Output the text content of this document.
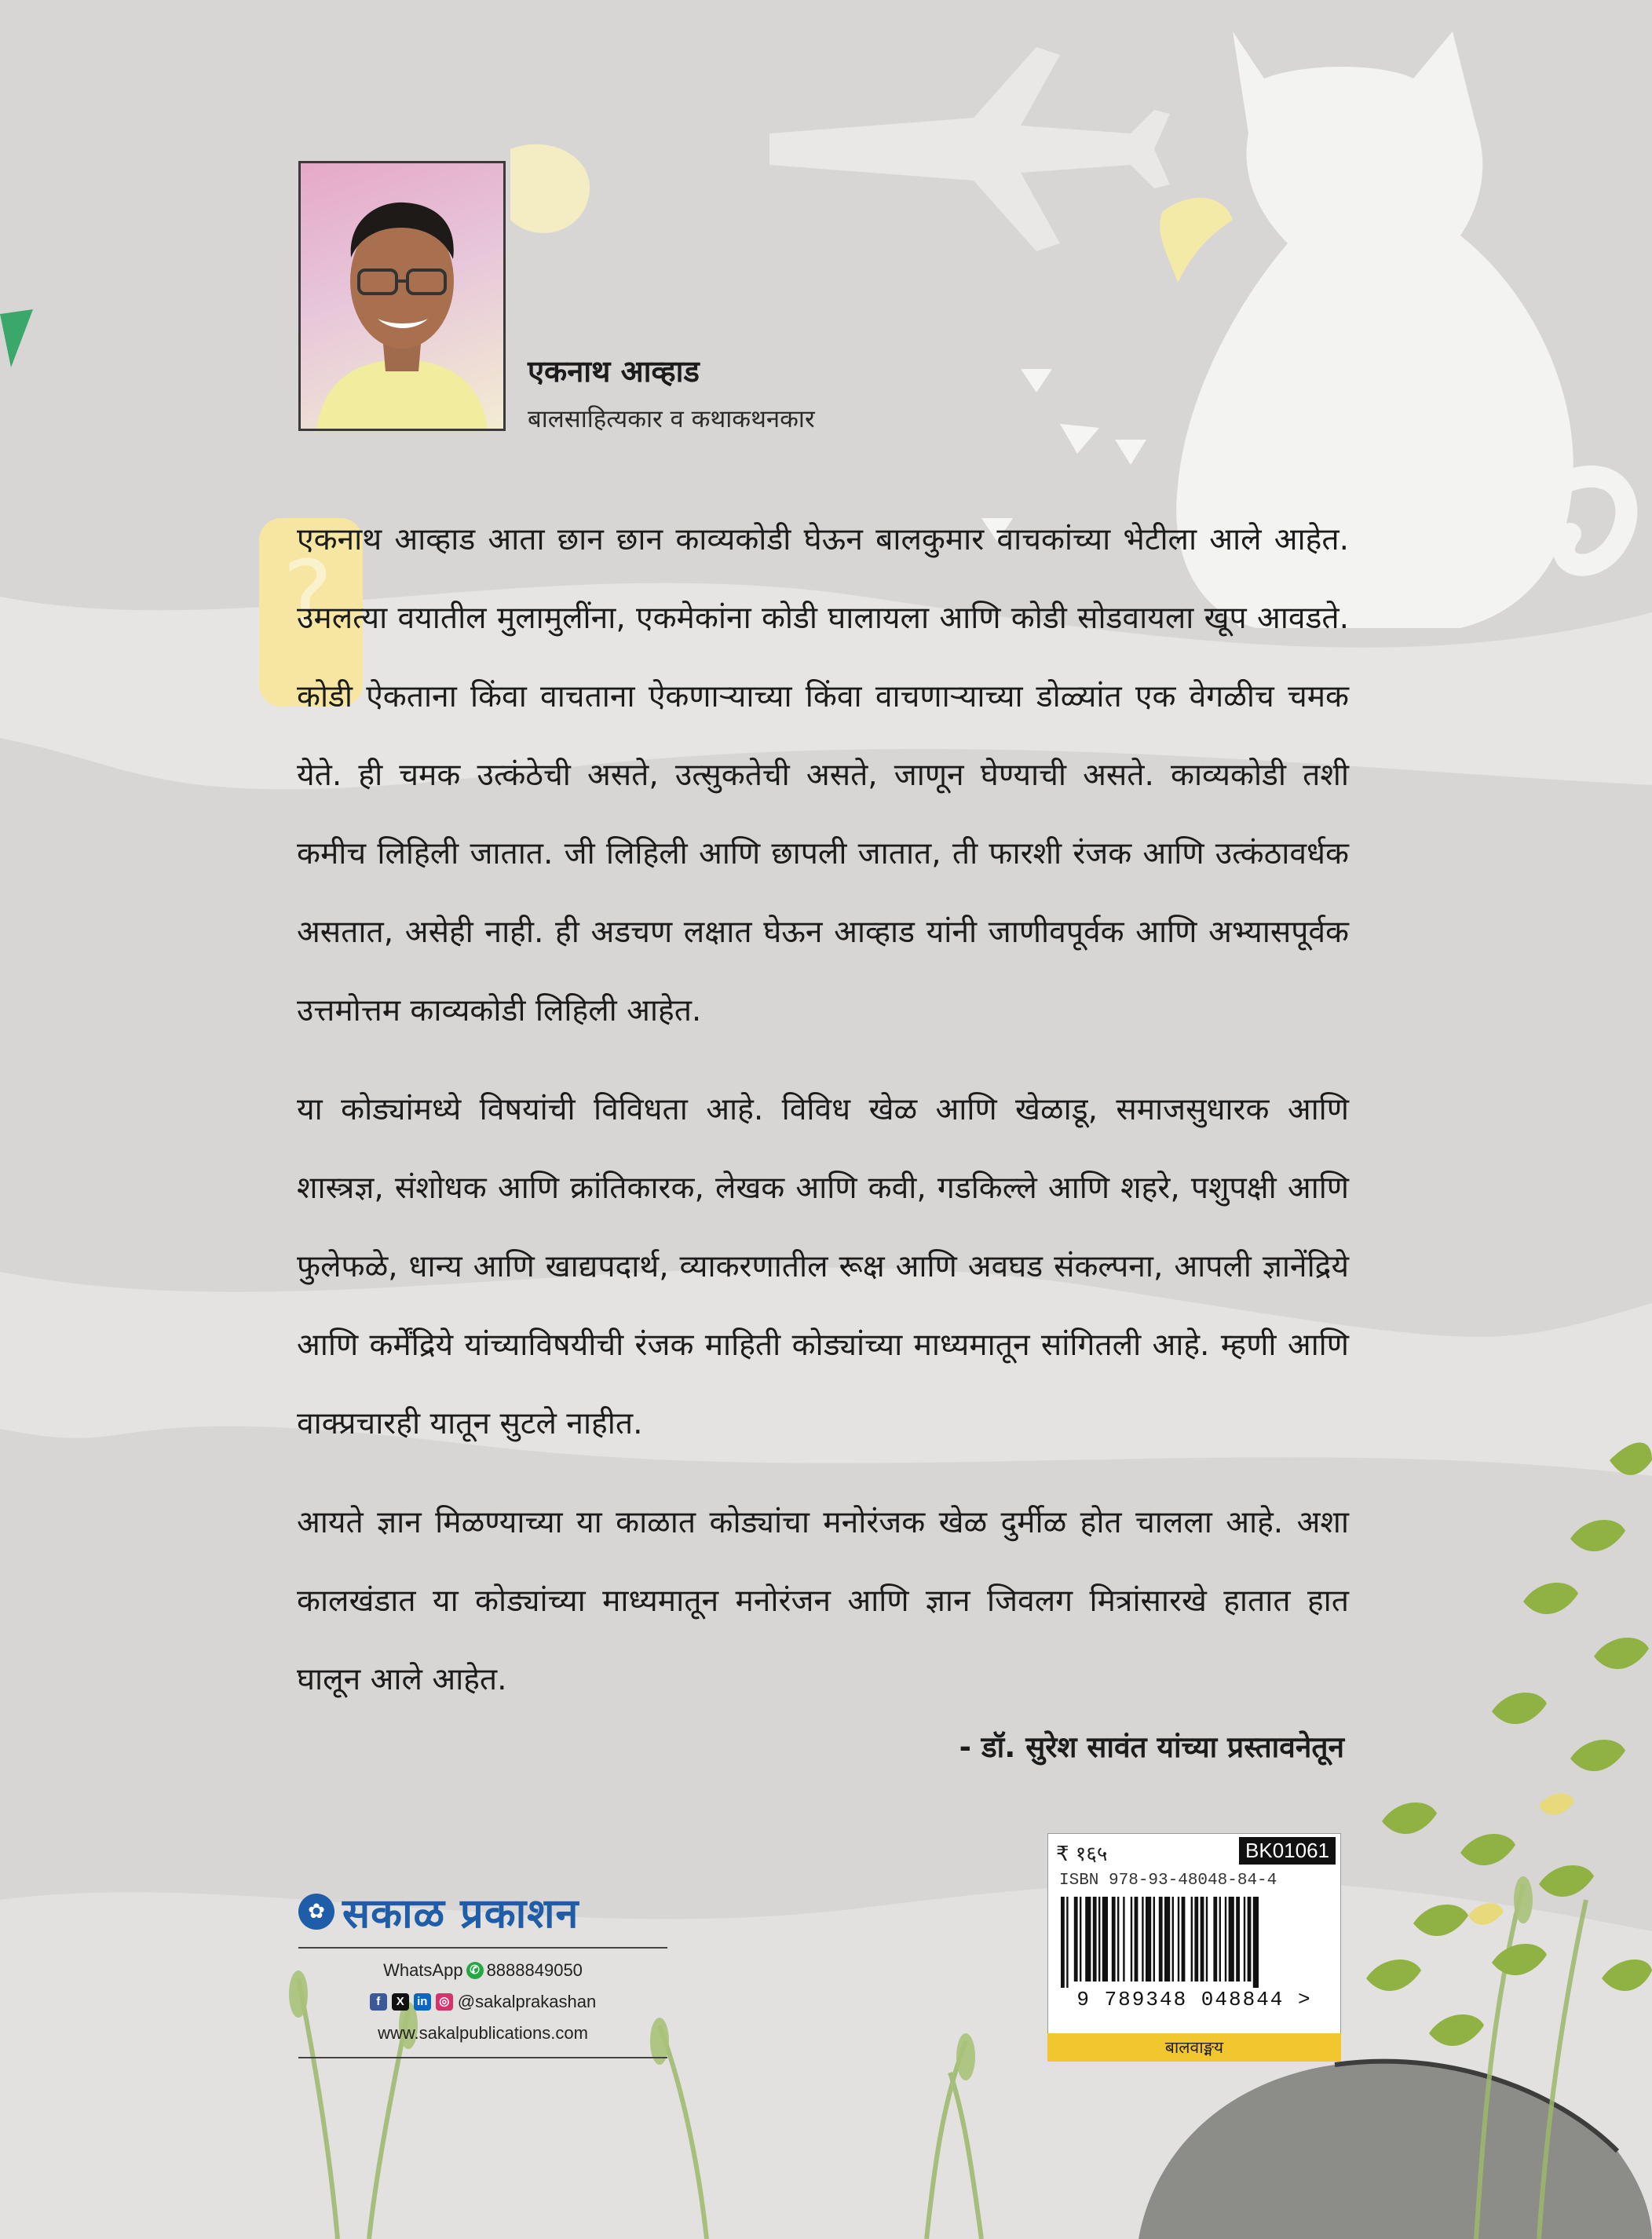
?
एकनाथ आव्हाड
बालसाहित्यकार व कथाकथनकार

एकनाथ आव्हाड आता छान छान काव्यकोडी घेऊन बालकुमार वाचकांच्या भेटीला आले आहेत. उमलत्या वयातील मुलामुलींना, एकमेकांना कोडी घालायला आणि कोडी सोडवायला खूप आवडते. कोडी ऐकताना किंवा वाचताना ऐकणाऱ्याच्या किंवा वाचणाऱ्याच्या डोळ्यांत एक वेगळीच चमक येते. ही चमक उत्कंठेची असते, उत्सुकतेची असते, जाणून घेण्याची असते. काव्यकोडी तशी कमीच लिहिली जातात. जी लिहिली आणि छापली जातात, ती फारशी रंजक आणि उत्कंठावर्धक असतात, असेही नाही. ही अडचण लक्षात घेऊन आव्हाड यांनी जाणीवपूर्वक आणि अभ्यासपूर्वक उत्तमोत्तम काव्यकोडी लिहिली आहेत.

या कोड्यांमध्ये विषयांची विविधता आहे. विविध खेळ आणि खेळाडू, समाजसुधारक आणि शास्त्रज्ञ, संशोधक आणि क्रांतिकारक, लेखक आणि कवी, गडकिल्ले आणि शहरे, पशुपक्षी आणि फुलेफळे, धान्य आणि खाद्यपदार्थ, व्याकरणातील रूक्ष आणि अवघड संकल्पना, आपली ज्ञानेंद्रिये आणि कर्मेंद्रिये यांच्याविषयीची रंजक माहिती कोड्यांच्या माध्यमातून सांगितली आहे. म्हणी आणि वाक्प्रचारही यातून सुटले नाहीत.

आयते ज्ञान मिळण्याच्या या काळात कोड्यांचा मनोरंजक खेळ दुर्मीळ होत चालला आहे. अशा कालखंडात या कोड्यांच्या माध्यमातून मनोरंजन आणि ज्ञान जिवलग मित्रांसारखे हातात हात घालून आले आहेत.

- डॉ. सुरेश सावंत यांच्या प्रस्तावनेतून
✿ सकाळ प्रकाशन
WhatsApp ✆ 8888849050
f	X	in ◎ @sakalprakashan
www.sakalpublications.com
₹ १६५	BK01061
ISBN 978-93-48048-84-4
9 789348 048844 >
बालवाङ्मय
